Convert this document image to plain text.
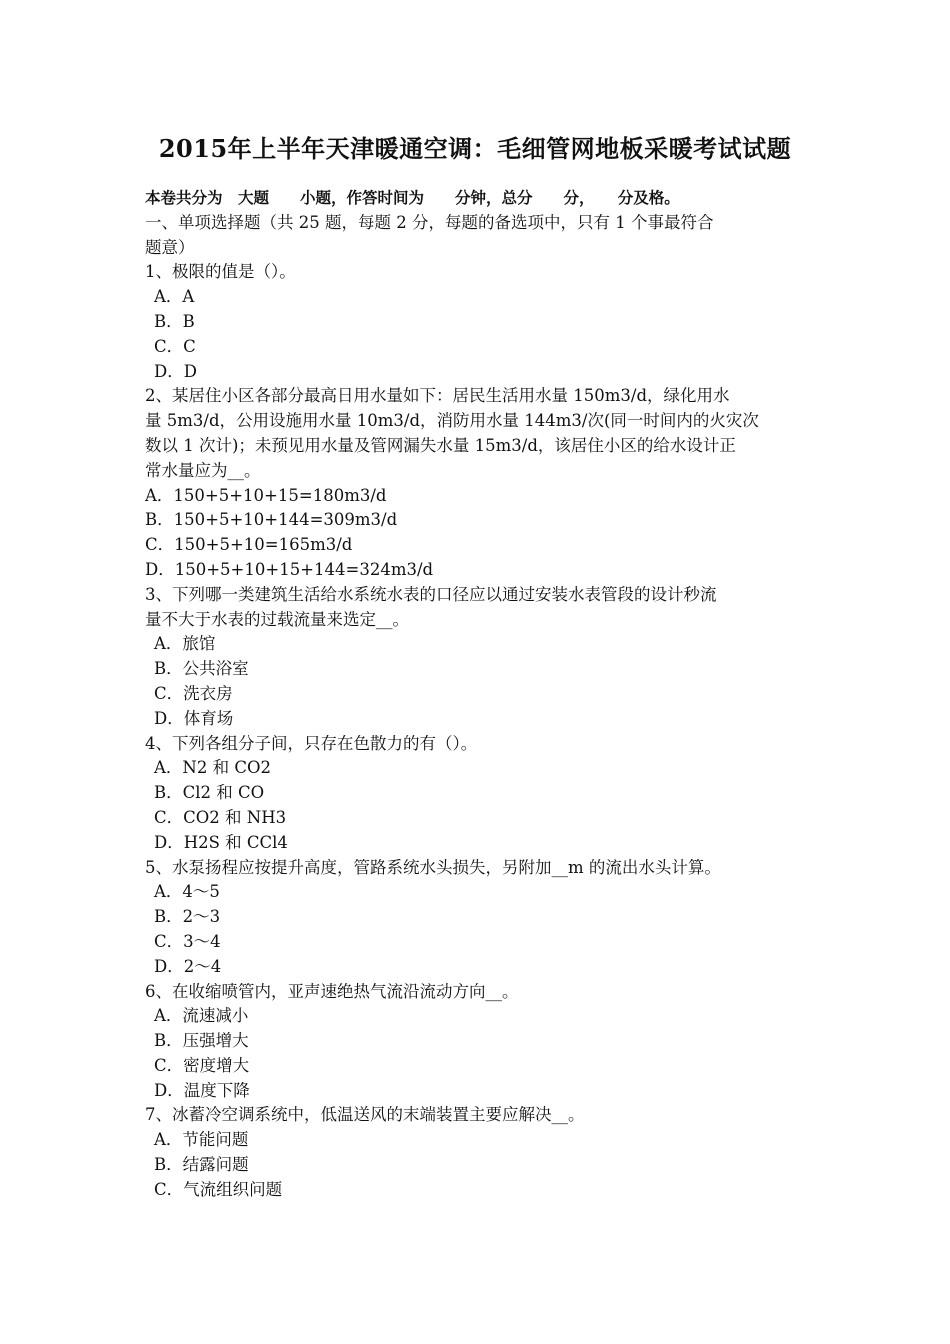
2015年上半年天津暖通空调：毛细管网地板采暖考试试题
本卷共分为　大题　　小题，作答时间为　　分钟，总分　　分，　　分及格。
一、单项选择题（共 25 题，每题 2 分，每题的备选项中，只有 1 个事最符合
题意）
1、极限的值是（）。
A．A
B．B
C．C
D．D
2、某居住小区各部分最高日用水量如下：居民生活用水量 150m3/d，绿化用水
量 5m3/d，公用设施用水量 10m3/d，消防用水量 144m3/次(同一时间内的火灾次
数以 1 次计)；未预见用水量及管网漏失水量 15m3/d，该居住小区的给水设计正
常水量应为__。
A．150+5+10+15=180m3/d
B．150+5+10+144=309m3/d
C．150+5+10=165m3/d
D．150+5+10+15+144=324m3/d
3、下列哪一类建筑生活给水系统水表的口径应以通过安装水表管段的设计秒流
量不大于水表的过载流量来选定__。
A．旅馆
B．公共浴室
C．洗衣房
D．体育场
4、下列各组分子间，只存在色散力的有（）。
A．N2 和 CO2
B．Cl2 和 CO
C．CO2 和 NH3
D．H2S 和 CCl4
5、水泵扬程应按提升高度，管路系统水头损失，另附加__m 的流出水头计算。
A．4～5
B．2～3
C．3～4
D．2～4
6、在收缩喷管内，亚声速绝热气流沿流动方向__。
A．流速减小
B．压强增大
C．密度增大
D．温度下降
7、冰蓄冷空调系统中，低温送风的末端装置主要应解决__。
A．节能问题
B．结露问题
C．气流组织问题
